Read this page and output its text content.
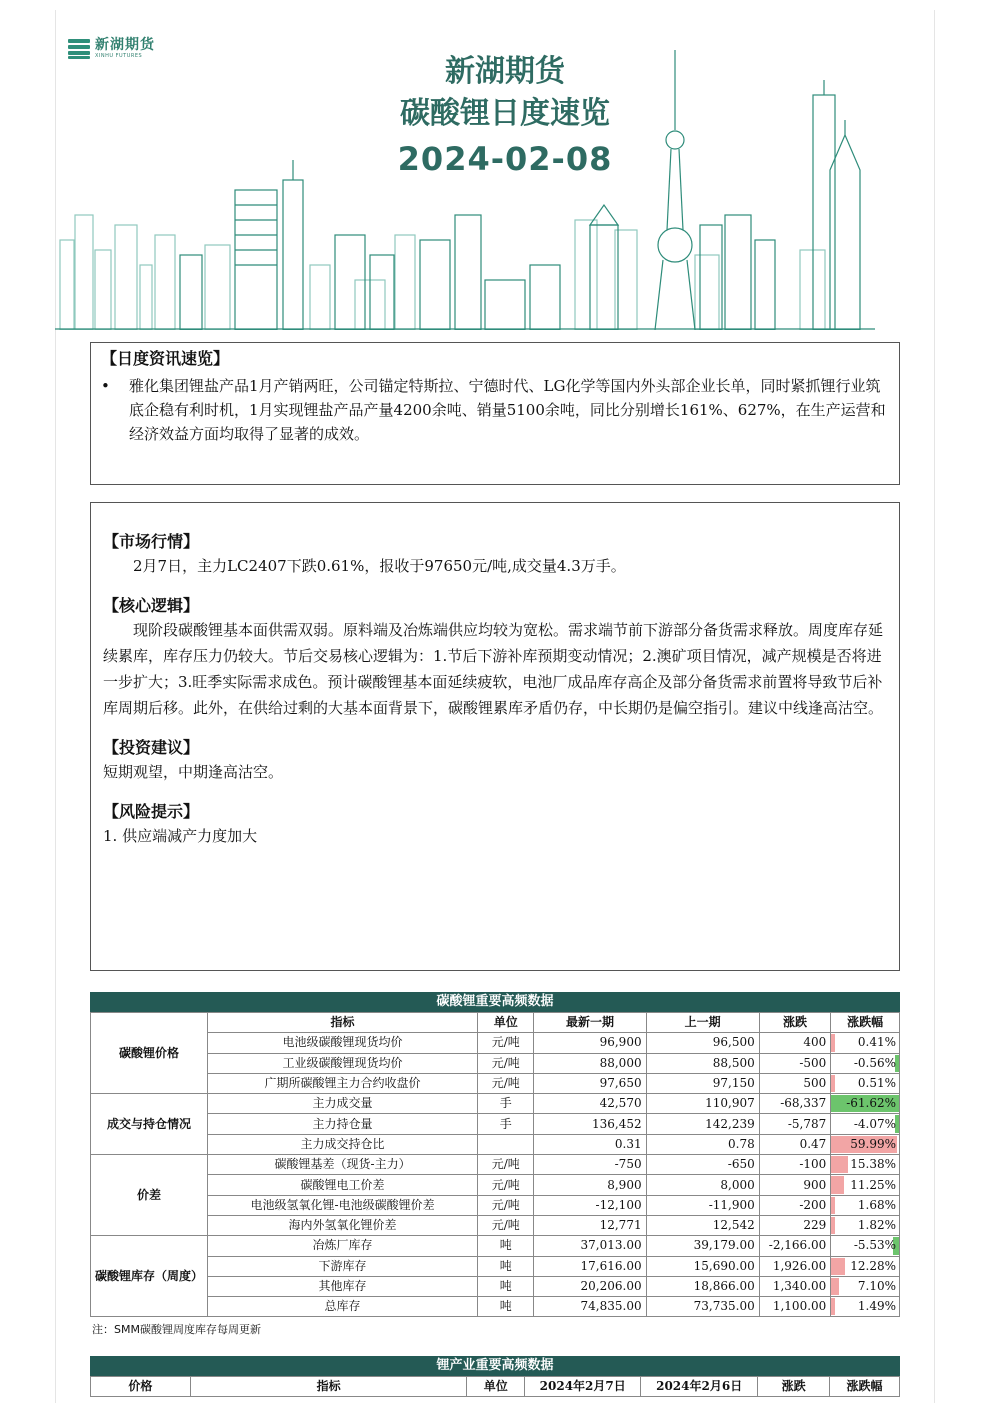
新湖期货
XINHU FUTURES	新湖期货
碳酸锂日度速览
2024-02-08
【日度资讯速览】
•	雅化集团锂盐产品1月产销两旺，公司锚定特斯拉、宁德时代、LG化学等国内外头部企业长单，同时紧抓锂行业筑底企稳有利时机，1月实现锂盐产品产量4200余吨、销量5100余吨，同比分别增长161%、627%，在生产运营和经济效益方面均取得了显著的成效。
【市场行情】
2月7日，主力LC2407下跌0.61%，报收于97650元/吨,成交量4.3万手。
【核心逻辑】
现阶段碳酸锂基本面供需双弱。原料端及冶炼端供应均较为宽松。需求端节前下游部分备货需求释放。周度库存延续累库，库存压力仍较大。节后交易核心逻辑为：1.节后下游补库预期变动情况；2.澳矿项目情况，减产规模是否将进一步扩大；3.旺季实际需求成色。预计碳酸锂基本面延续疲软，电池厂成品库存高企及部分备货需求前置将导致节后补库周期后移。此外，在供给过剩的大基本面背景下，碳酸锂累库矛盾仍存，中长期仍是偏空指引。建议中线逢高沽空。
【投资建议】
短期观望，中期逢高沽空。
【风险提示】
1. 供应端减产力度加大
碳酸锂重要高频数据
碳酸锂价格	指标	单位	最新一期	上一期	涨跌	涨跌幅
	电池级碳酸锂现货均价	元/吨	96,900	96,500	400	0.41%

	工业级碳酸锂现货均价	元/吨	88,000	88,500	-500	-0.56%

	广期所碳酸锂主力合约收盘价	元/吨	97,650	97,150	500	0.51%

成交与持仓情况	主力成交量	手	42,570	110,907	-68,337	-61.62%

	主力持仓量	手	136,452	142,239	-5,787	-4.07%

	主力成交持仓比		0.31	0.78	0.47	59.99%

价差	碳酸锂基差（现货-主力）	元/吨	-750	-650	-100	15.38%

	碳酸锂电工价差	元/吨	8,900	8,000	900	11.25%

	电池级氢氧化锂-电池级碳酸锂价差	元/吨	-12,100	-11,900	-200	1.68%

	海内外氢氧化锂价差	元/吨	12,771	12,542	229	1.82%

碳酸锂库存（周度）	冶炼厂库存	吨	37,013.00	39,179.00	-2,166.00	-5.53%

	下游库存	吨	17,616.00	15,690.00	1,926.00	12.28%

	其他库存	吨	20,206.00	18,866.00	1,340.00	7.10%

	总库存	吨	74,835.00	73,735.00	1,100.00	1.49%
注：SMM碳酸锂周度库存每周更新
锂产业重要高频数据
价格	指标	单位	2024年2月7日	2024年2月6日	涨跌	涨跌幅
